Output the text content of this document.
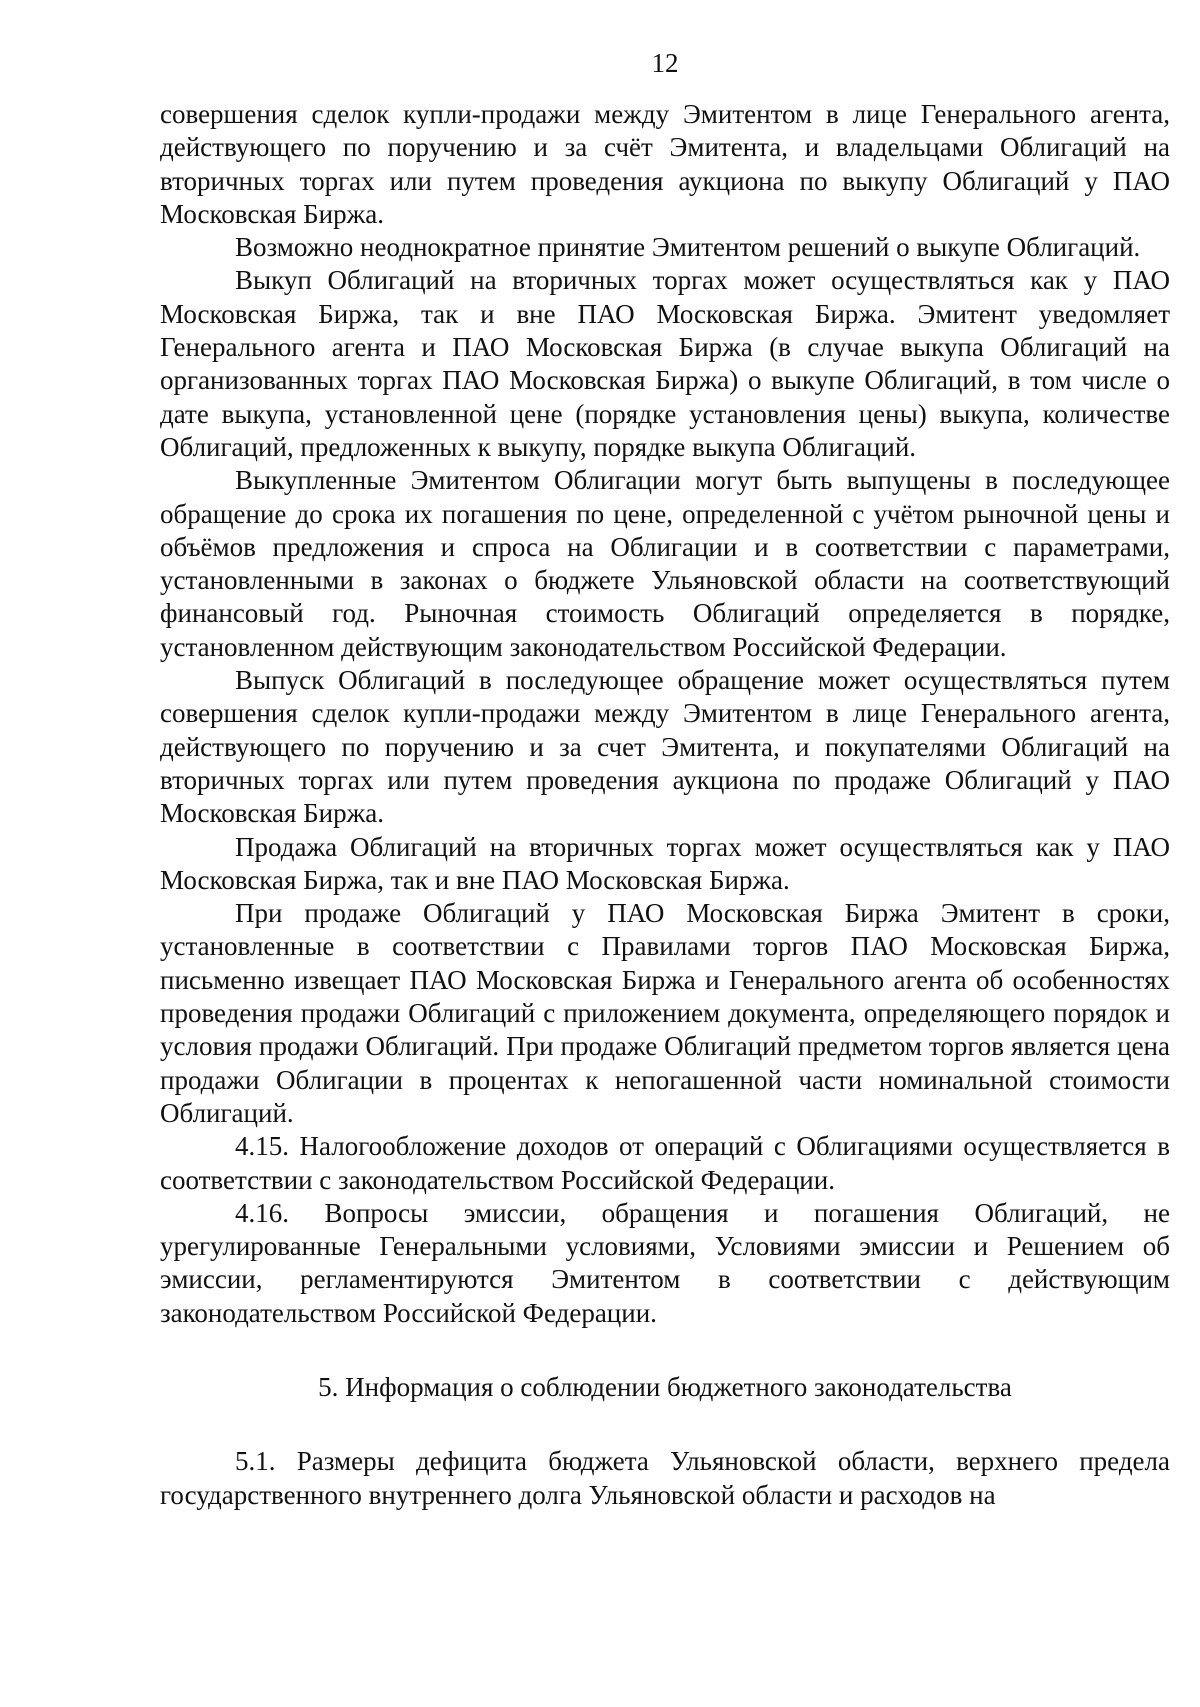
12

совершения сделок купли-продажи между Эмитентом в лице Генерального агента, действующего по поручению и за счёт Эмитента, и владельцами Облигаций на вторичных торгах или путем проведения аукциона по выкупу Облигаций у ПАО Московская Биржа.

Возможно неоднократное принятие Эмитентом решений о выкупе Облигаций.

Выкуп Облигаций на вторичных торгах может осуществляться как у ПАО Московская Биржа, так и вне ПАО Московская Биржа. Эмитент уведомляет Генерального агента и ПАО Московская Биржа (в случае выкупа Облигаций на организованных торгах ПАО Московская Биржа) о выкупе Облигаций, в том числе о дате выкупа, установленной цене (порядке установления цены) выкупа, количестве Облигаций, предложенных к выкупу, порядке выкупа Облигаций.

Выкупленные Эмитентом Облигации могут быть выпущены в последующее обращение до срока их погашения по цене, определенной с учётом рыночной цены и объёмов предложения и спроса на Облигации и в соответствии с параметрами, установленными в законах о бюджете Ульяновской области на соответствующий финансовый год. Рыночная стоимость Облигаций определяется в порядке, установленном действующим законодательством Российской Федерации.

Выпуск Облигаций в последующее обращение может осуществляться путем совершения сделок купли-продажи между Эмитентом в лице Генерального агента, действующего по поручению и за счет Эмитента, и покупателями Облигаций на вторичных торгах или путем проведения аукциона по продаже Облигаций у ПАО Московская Биржа.

Продажа Облигаций на вторичных торгах может осуществляться как у ПАО Московская Биржа, так и вне ПАО Московская Биржа.

При продаже Облигаций у ПАО Московская Биржа Эмитент в сроки, установленные в соответствии с Правилами торгов ПАО Московская Биржа, письменно извещает ПАО Московская Биржа и Генерального агента об особенностях проведения продажи Облигаций с приложением документа, определяющего порядок и условия продажи Облигаций. При продаже Облигаций предметом торгов является цена продажи Облигации в процентах к непогашенной части номинальной стоимости Облигаций.

4.15. Налогообложение доходов от операций с Облигациями осуществляется в соответствии с законодательством Российской Федерации.

4.16. Вопросы эмиссии, обращения и погашения Облигаций, не урегулированные Генеральными условиями, Условиями эмиссии и Решением об эмиссии, регламентируются Эмитентом в соответствии с действующим законодательством Российской Федерации.

5. Информация о соблюдении бюджетного законодательства

5.1. Размеры дефицита бюджета Ульяновской области, верхнего предела государственного внутреннего долга Ульяновской области и расходов на
